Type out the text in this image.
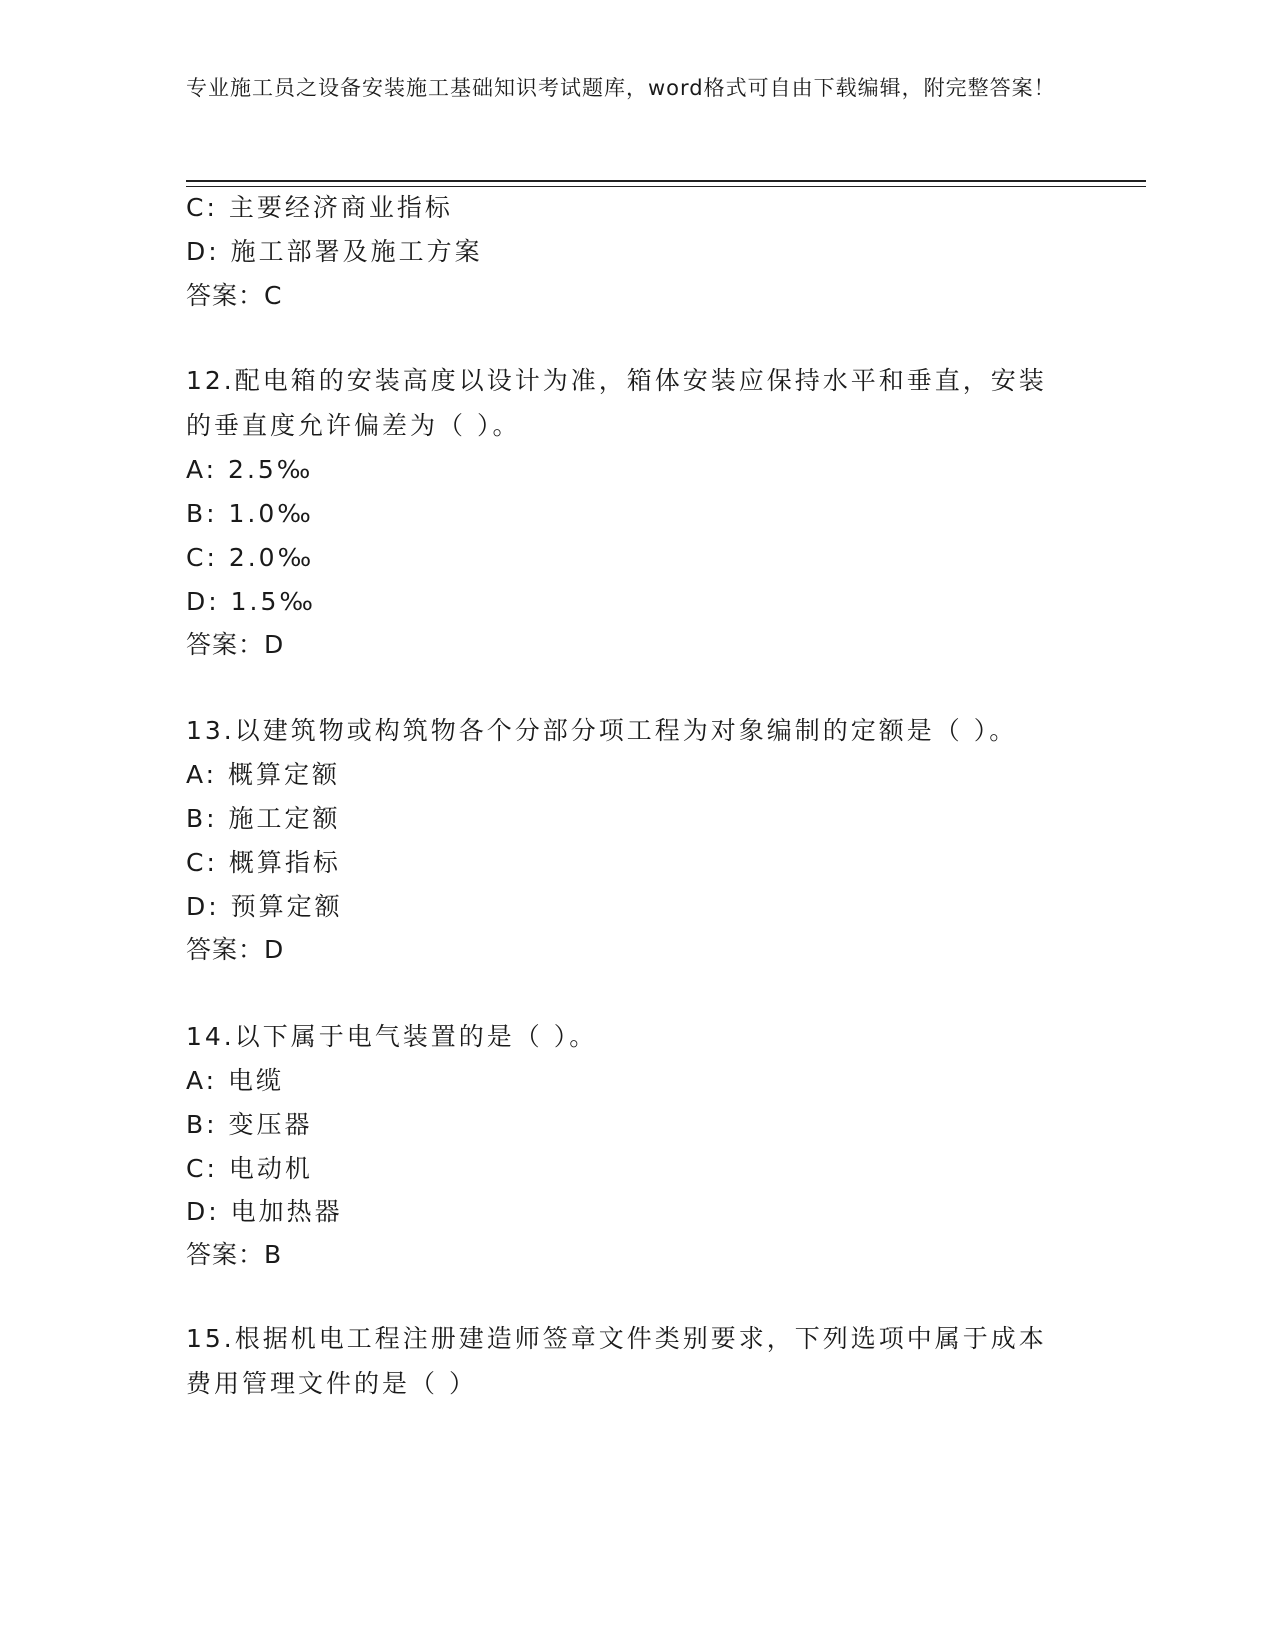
专业施工员之设备安装施工基础知识考试题库，word格式可自由下载编辑，附完整答案！
C: 主要经济商业指标
D: 施工部署及施工方案
答案：C
12.配电箱的安装高度以设计为准，箱体安装应保持水平和垂直，安装的垂直度允许偏差为（ ）。
A: 2.5‰
B: 1.0‰
C: 2.0‰
D: 1.5‰
答案：D
13.以建筑物或构筑物各个分部分项工程为对象编制的定额是（ ）。
A: 概算定额
B: 施工定额
C: 概算指标
D: 预算定额
答案：D
14.以下属于电气装置的是（ ）。
A: 电缆
B: 变压器
C: 电动机
D: 电加热器
答案：B
15.根据机电工程注册建造师签章文件类别要求，下列选项中属于成本费用管理文件的是（ ）
